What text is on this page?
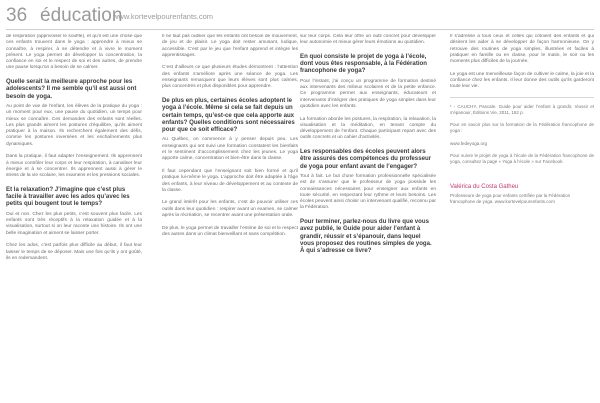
36 éducation
www.kortevelpourenfants.com

de respiration (apprivoiser le souffle), et qu’il est une chose que ces enfants trouvent dans le yoga : apprendre à mieux se connaître, à respirer, à se détendre et à vivre le moment présent. Le yoga permet de développer la concentration, la confiance en soi et le respect de soi et des autres, de prendre une pause lorsqu’on a besoin de se calmer.

Quelle serait la meilleure approche pour les adolescents? Il me semble qu’il est aussi ont besoin de yoga.

Au point de vue de l’enfant, les élèves de la pratique du yoga : un moment pour eux, une pause du quotidien, un temps pour mieux se connaître. Ces demandes des enfants sont réelles. Les plus grands aiment les postures d’équilibre, qu’ils aiment pratiquer à la maison. Ils recherchent également des défis, comme les postures inversées et les enchaînements plus dynamiques.

Dans la pratique, il faut adapter l’enseignement. Ils apprennent à mieux contrôler leur corps et leur respiration, à canaliser leur énergie et à se concentrer. Ils apprennent aussi à gérer le stress de la vie scolaire, les examens et les pressions sociales.

Et la relaxation? J’imagine que c’est plus facile à travailler avec les ados qu’avec les petits qui bougent tout le temps?

Oui et non. Chez les plus petits, c’est souvent plus facile. Les enfants sont très réceptifs à la relaxation guidée et à la visualisation, surtout si on leur raconte une histoire. Ils ont une belle imagination et aiment se laisser porter.

Chez les ados, c’est parfois plus difficile au début, il faut leur laisser le temps de se déposer. Mais une fois qu’ils y ont goûté, ils en redemandent.

Il ne faut pas oublier que les enfants ont besoin de mouvement, de jeu et de plaisir. Le yoga doit rester amusant, ludique, accessible. C’est par le jeu que l’enfant apprend et intègre les apprentissages.

C’est d’ailleurs ce que plusieurs études démontrent : l’attention des enfants s’améliore après une séance de yoga. Les enseignants remarquent que leurs élèves sont plus calmes, plus concentrés et plus disponibles pour apprendre.

De plus en plus, certaines écoles adoptent le yoga à l’école. Même si cela se fait depuis un certain temps, qu’est-ce que cela apporte aux enfants? Quelles conditions sont nécessaires pour que ce soit efficace?

Au Québec, on commence à y penser depuis peu. Les enseignants qui ont suivi une formation constatent les bienfaits et le sentiment d’accomplissement chez les jeunes. Le yoga apporte calme, concentration et bien-être dans la classe.

Il faut cependant que l’enseignant soit bien formé et qu’il pratique lui-même le yoga. L’approche doit être adaptée à l’âge des enfants, à leur niveau de développement et au contexte de la classe.

Le grand intérêt pour les enfants, c’est de pouvoir utiliser ces outils dans leur quotidien : respirer avant un examen, se calmer après la récréation, se recentrer avant une présentation orale.

De plus, le yoga permet de travailler l’estime de soi et le respect des autres dans un climat bienveillant et sans compétition.

sur leur corps. Cela leur offre un outil concret pour développer leur autonomie et mieux gérer leurs émotions au quotidien.

En quoi consiste le projet de yoga à l’école, dont vous êtes responsable, à la Fédération francophone de yoga?

Pour l’instant, j’ai conçu un programme de formation destiné aux intervenants des milieux scolaires et de la petite enfance. Ce programme permet aux enseignants, éducateurs et intervenants d’intégrer des pratiques de yoga simples dans leur quotidien avec les enfants.

La formation aborde les postures, la respiration, la relaxation, la visualisation et la méditation, en tenant compte du développement de l’enfant. Chaque participant repart avec des outils concrets et un cahier d’activités.

Les responsables des écoles peuvent alors être assurés des compétences du professeur de yoga pour enfant avant de l’engager?

Tout à fait. Le but d’une formation professionnelle spécialisée est de s’assurer que le professeur de yoga possède les connaissances nécessaires pour enseigner aux enfants en toute sécurité, en respectant leur rythme et leurs besoins. Les écoles peuvent ainsi choisir un intervenant qualifié, reconnu par la Fédération.

Pour terminer, parlez-nous du livre que vous avez publié, le Guide pour aider l’enfant à grandir, réussir et s’épanouir, dans lequel vous proposez des routines simples de yoga. À qui s’adresse ce livre?

Il s’adresse à tous ceux et celles qui côtoient des enfants et qui désirent les aider à se développer de façon harmonieuse. On y retrouve des routines de yoga simples, illustrées et faciles à pratiquer en famille ou en classe, pour le matin, le soir ou les moments plus difficiles de la journée.

Le yoga est une merveilleuse façon de cultiver le calme, la joie et la confiance chez les enfants. Il leur donne des outils qu’ils garderont toute leur vie.

¹ - CAUCHY, Pascale. Guide pour aider l’enfant à grandir, réussir et s’épanouir, Éditions Vie, 2011, 152 p.

Pour en savoir plus sur la formation de la Fédération francophone de yoga :

www.fedeyoga.org

Pour suivre le projet de yoga à l’école de la Fédération francophone de yoga, consultez la page « Yoga à l’école » sur Facebook.

Valérica du Costa Gatheu
Professeure de yoga pour enfants certifiée par la Fédération francophone de yoga. www.kortevelpourenfants.com
